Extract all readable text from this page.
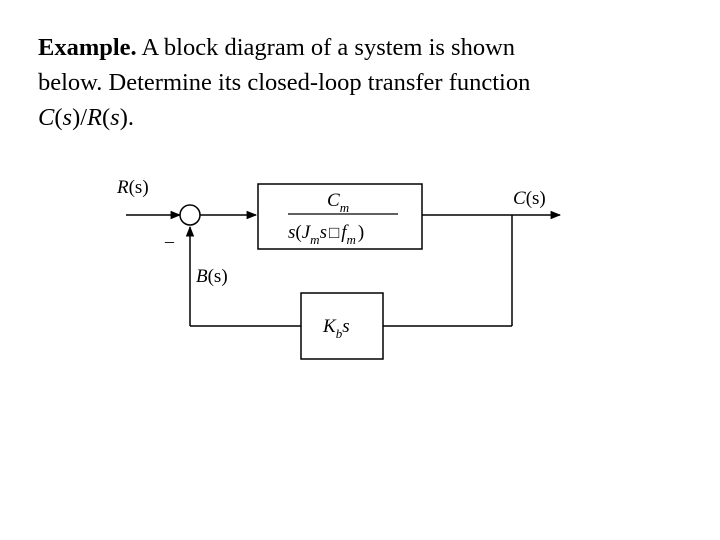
Example. A block diagram of a system is shown
below. Determine its closed-loop transfer function
C(s)/R(s).
R(s)
–
$C_m$
$s(J_ms$ □ $f_m$ )
C(s)
$K_bs$
B(s)
